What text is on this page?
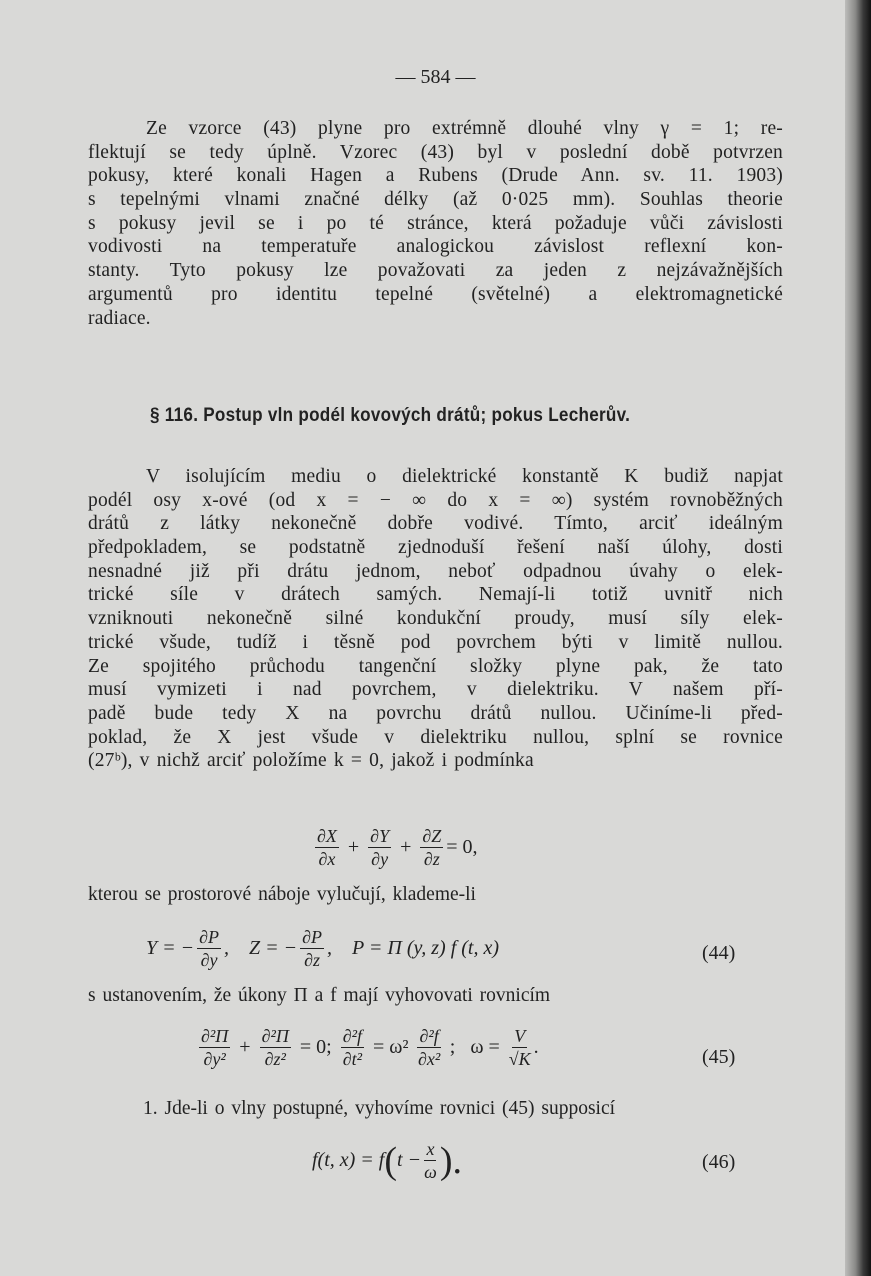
— 584 —
Ze vzorce (43) plyne pro extrémně dlouhé vlny γ = 1; re-
flektují se tedy úplně. Vzorec (43) byl v poslední době potvrzen
pokusy, které konali Hagen a Rubens (Drude Ann. sv. 11. 1903)
s tepelnými vlnami značné délky (až 0·025 mm). Souhlas theorie
s pokusy jevil se i po té stránce, která požaduje vůči závislosti
vodivosti na temperatuře analogickou závislost reflexní kon-
stanty. Tyto pokusy lze považovati za jeden z nejzávažnějších
argumentů pro identitu tepelné (světelné) a elektromagnetické
radiace.
§ 116. Postup vln podél kovových drátů; pokus Lecherův.
V isolujícím mediu o dielektrické konstantě K budiž napjat
podél osy x-ové (od x = − ∞ do x = ∞) systém rovnoběžných
drátů z látky nekonečně dobře vodivé. Tímto, arciť ideálným
předpokladem, se podstatně zjednoduší řešení naší úlohy, dosti
nesnadné již při drátu jednom, neboť odpadnou úvahy o elek-
trické síle v drátech samých. Nemají-li totiž uvnitř nich
vzniknouti nekonečně silné kondukční proudy, musí síly elek-
trické všude, tudíž i těsně pod povrchem býti v limitě nullou.
Ze spojitého průchodu tangenční složky plyne pak, že tato
musí vymizeti i nad povrchem, v dielektriku. V našem pří-
padě bude tedy X na povrchu drátů nullou. Učiníme-li před-
poklad, že X jest všude v dielektriku nullou, splní se rovnice
(27ᵇ), v nichž arciť položíme k = 0, jakož i podmínka
$\frac{\partial X}{\partial x} + \frac{\partial Y}{\partial y} + \frac{\partial Z}{\partial z} = 0$,
kterou se prostorové náboje vylučují, klademe-li
Y = − $\frac{\partial P}{\partial y}$ ,    Z = − $\frac{\partial P}{\partial z}$ ,    P = Π (y, z) f (t, x)	(44)
s ustanovením, že úkony Π a f mají vyhovovati rovnicím
$\frac{\text{∂²Π}}{\text{∂y²}} + \frac{\text{∂²Π}}{\text{∂z²}} = 0$; $\frac{\text{∂²f}}{\text{∂t²}} = \omega^2 \frac{\text{∂²f}}{\text{∂x²}}$ ;   $\omega = \frac{V}{√K}$ .	(45)
1. Jde-li o vlny postupné, vyhovíme rovnici (45) supposicí
f(t, x) = f ( $t - \frac{x}{\omega}$ ).	(46)
